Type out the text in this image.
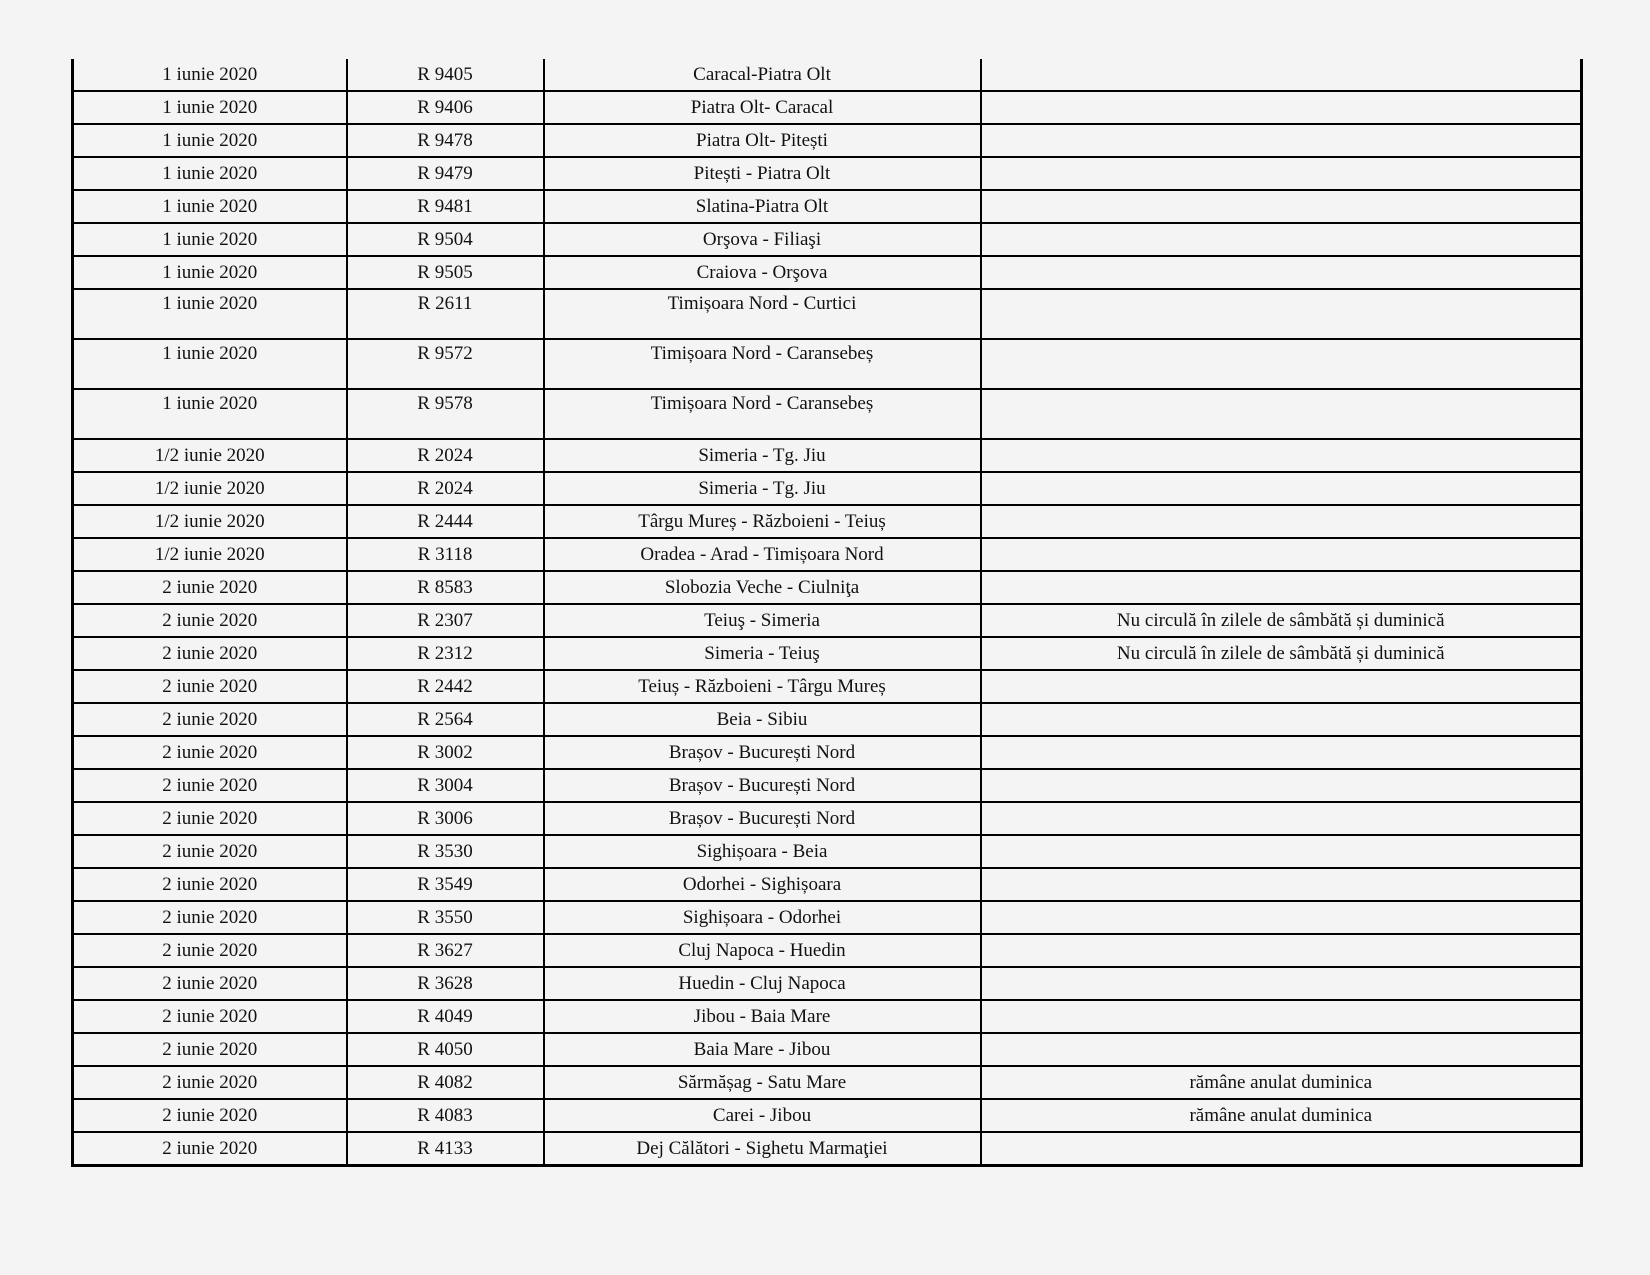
1 iunie 2020	R 9405	Caracal-Piatra Olt	
1 iunie 2020	R 9406	Piatra Olt- Caracal	
1 iunie 2020	R 9478	Piatra Olt- Pitești	
1 iunie 2020	R 9479	Pitești - Piatra Olt	
1 iunie 2020	R 9481	Slatina-Piatra Olt	
1 iunie 2020	R 9504	Orşova - Filiaşi	
1 iunie 2020	R 9505	Craiova - Orşova	
1 iunie 2020	R 2611	Timișoara Nord - Curtici	
1 iunie 2020	R 9572	Timișoara Nord - Caransebeș	
1 iunie 2020	R 9578	Timișoara Nord - Caransebeș	
1/2 iunie 2020	R 2024	Simeria - Tg. Jiu	
1/2 iunie 2020	R 2024	Simeria - Tg. Jiu	
1/2 iunie 2020	R 2444	Târgu Mureș - Războieni - Teiuș	
1/2 iunie 2020	R 3118	Oradea - Arad - Timișoara Nord	
2 iunie 2020	R 8583	Slobozia Veche - Ciulniţa	
2 iunie 2020	R 2307	Teiuş - Simeria	Nu circulă în zilele de sâmbătă și duminică
2 iunie 2020	R 2312	Simeria - Teiuş	Nu circulă în zilele de sâmbătă și duminică
2 iunie 2020	R 2442	Teiuș - Războieni - Târgu Mureș	
2 iunie 2020	R 2564	Beia - Sibiu	
2 iunie 2020	R 3002	Brașov - București Nord	
2 iunie 2020	R 3004	Brașov - București Nord	
2 iunie 2020	R 3006	Brașov - București Nord	
2 iunie 2020	R 3530	Sighișoara - Beia	
2 iunie 2020	R 3549	Odorhei - Sighișoara	
2 iunie 2020	R 3550	Sighișoara - Odorhei	
2 iunie 2020	R 3627	Cluj Napoca - Huedin	
2 iunie 2020	R 3628	Huedin - Cluj Napoca	
2 iunie 2020	R 4049	Jibou - Baia Mare	
2 iunie 2020	R 4050	Baia Mare - Jibou	
2 iunie 2020	R 4082	Sărmășag - Satu Mare	rămâne anulat duminica
2 iunie 2020	R 4083	Carei - Jibou	rămâne anulat duminica
2 iunie 2020	R 4133	Dej Călători - Sighetu Marmaţiei	
